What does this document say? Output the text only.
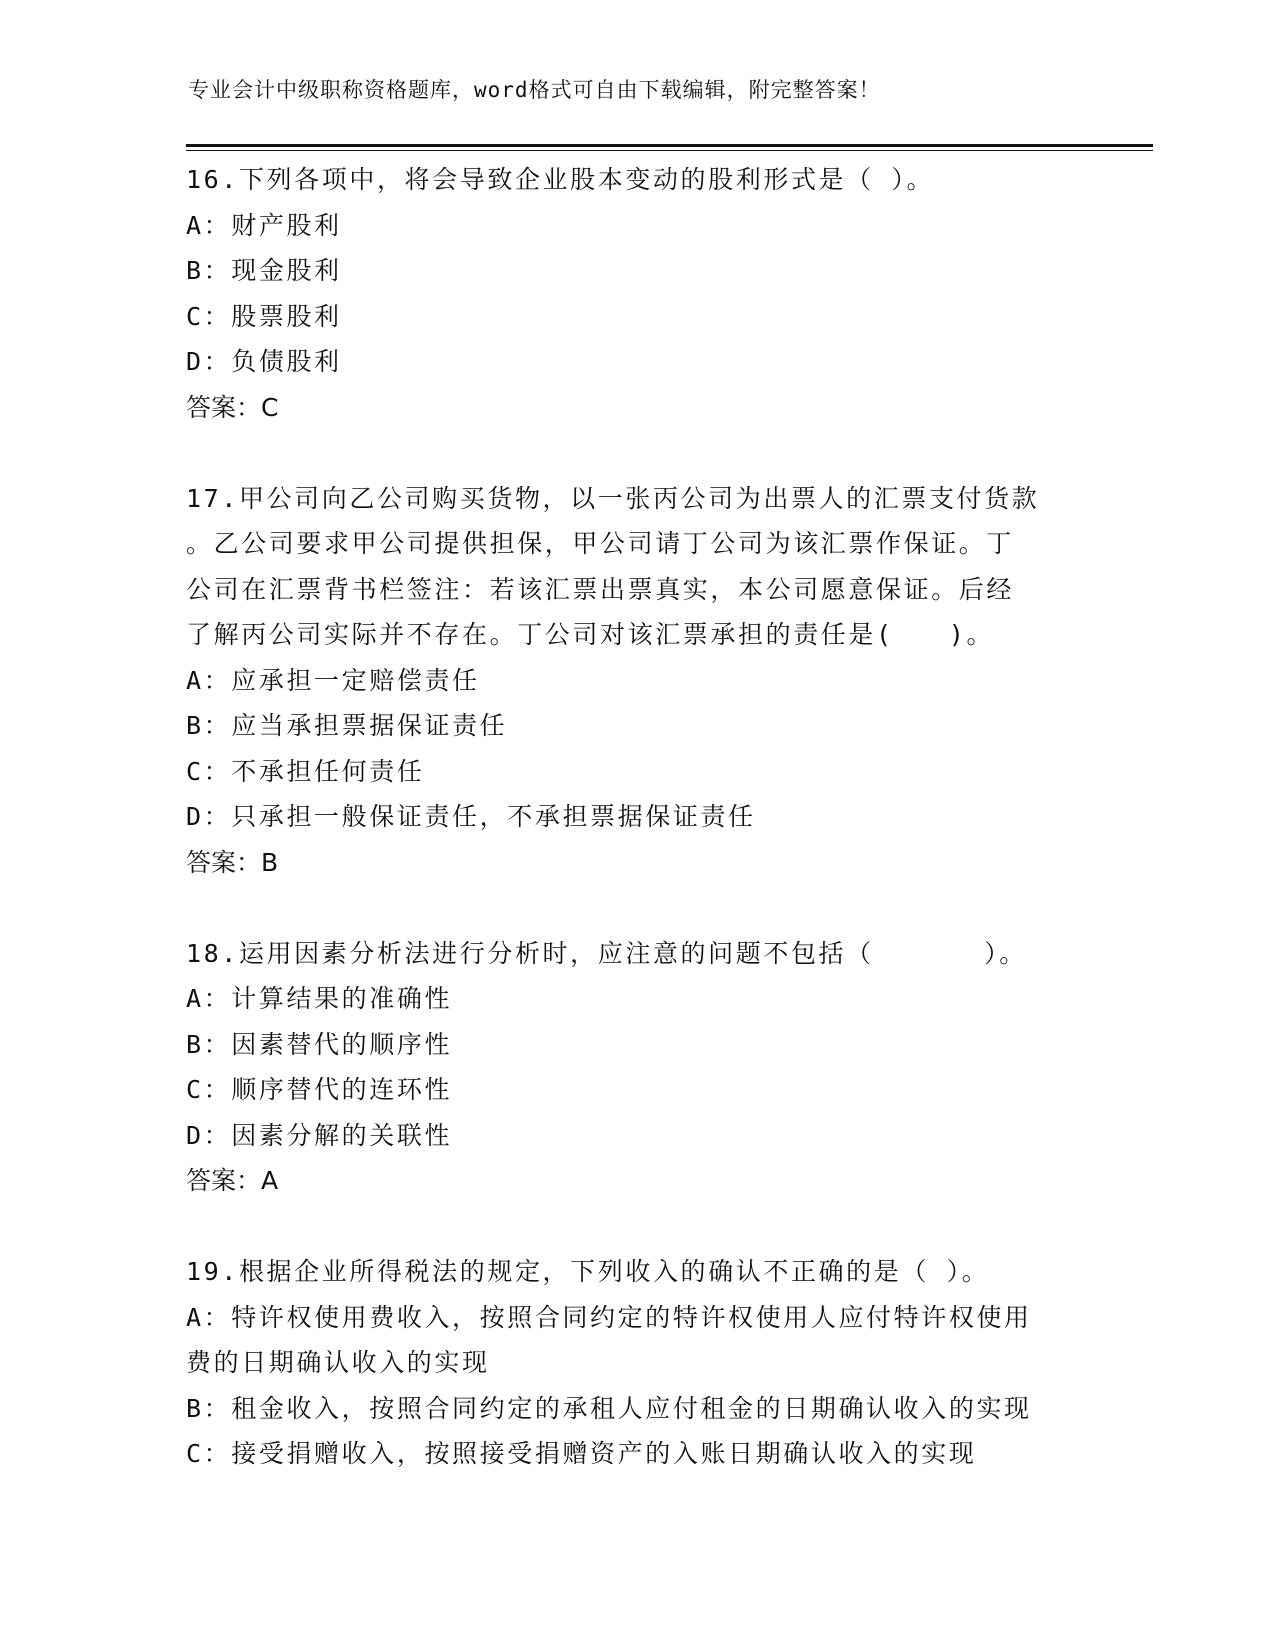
专业会计中级职称资格题库，word格式可自由下载编辑，附完整答案！
16.下列各项中，将会导致企业股本变动的股利形式是（ ）。
A：财产股利
B：现金股利
C：股票股利
D：负债股利
答案：C
17.甲公司向乙公司购买货物，以一张丙公司为出票人的汇票支付货款
。乙公司要求甲公司提供担保，甲公司请丁公司为该汇票作保证。丁
公司在汇票背书栏签注：若该汇票出票真实，本公司愿意保证。后经
了解丙公司实际并不存在。丁公司对该汇票承担的责任是(　　)。
A：应承担一定赔偿责任
B：应当承担票据保证责任
C：不承担任何责任
D：只承担一般保证责任，不承担票据保证责任
答案：B
18.运用因素分析法进行分析时，应注意的问题不包括（　　　　）。
A：计算结果的准确性
B：因素替代的顺序性
C：顺序替代的连环性
D：因素分解的关联性
答案：A
19.根据企业所得税法的规定，下列收入的确认不正确的是（ ）。
A：特许权使用费收入，按照合同约定的特许权使用人应付特许权使用
费的日期确认收入的实现
B：租金收入，按照合同约定的承租人应付租金的日期确认收入的实现
C：接受捐赠收入，按照接受捐赠资产的入账日期确认收入的实现
